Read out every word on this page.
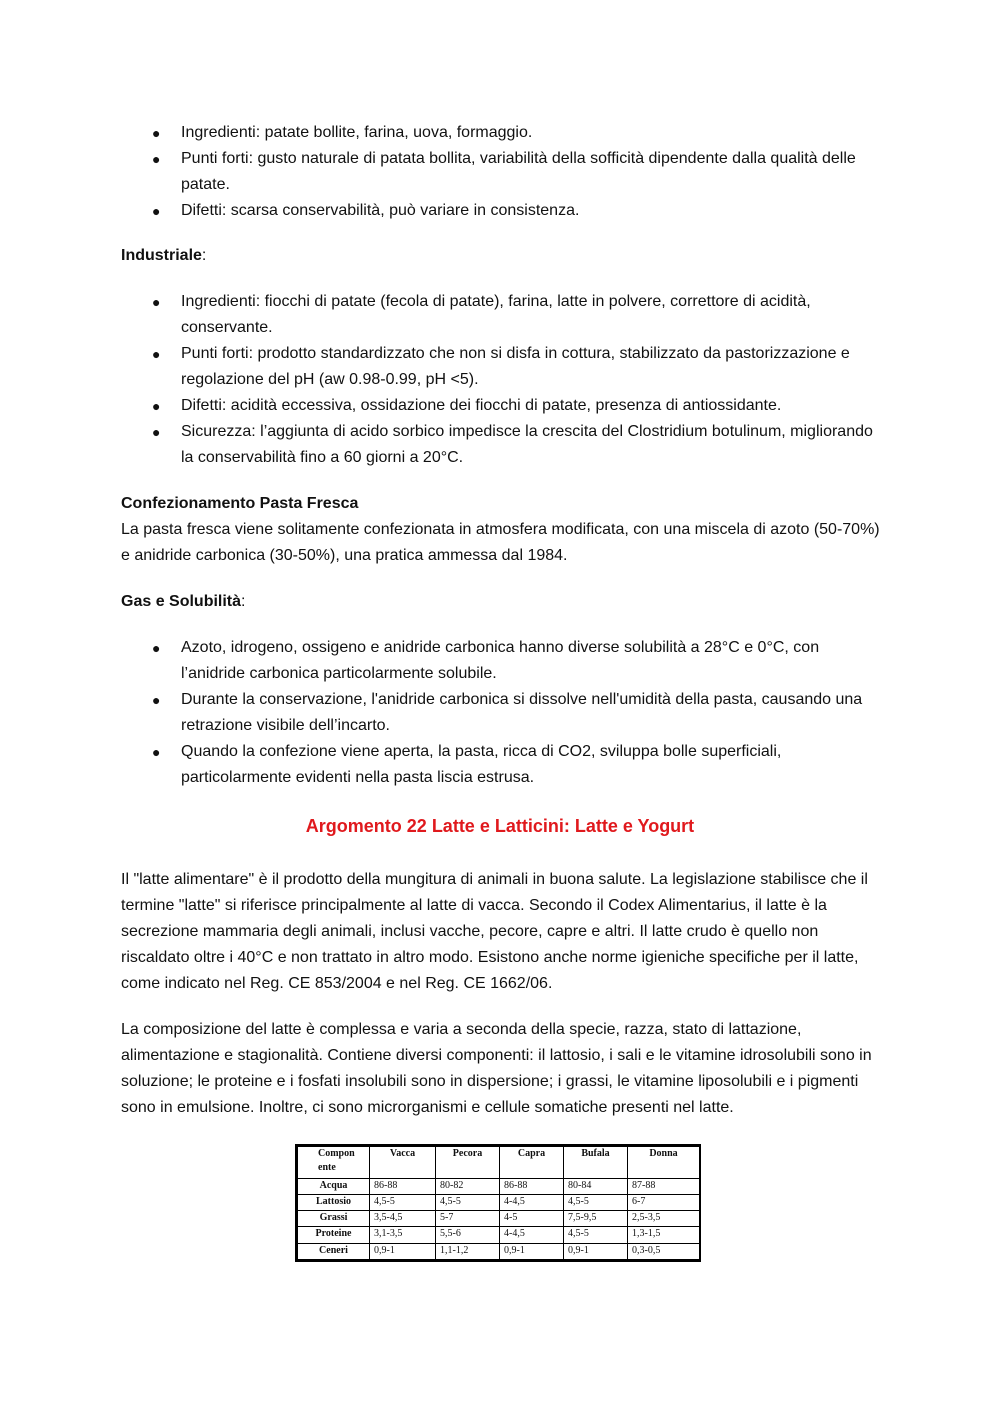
● Ingredienti: patate bollite, farina, uova, formaggio.
● Punti forti: gusto naturale di patata bollita, variabilità della sofficità dipendente dalla qualità delle patate.
● Difetti: scarsa conservabilità, può variare in consistenza.
Industriale:
● Ingredienti: fiocchi di patate (fecola di patate), farina, latte in polvere, correttore di acidità, conservante.
● Punti forti: prodotto standardizzato che non si disfa in cottura, stabilizzato da pastorizzazione e regolazione del pH (aw 0.98-0.99, pH <5).
● Difetti: acidità eccessiva, ossidazione dei fiocchi di patate, presenza di antiossidante.
● Sicurezza: l’aggiunta di acido sorbico impedisce la crescita del Clostridium botulinum, migliorando la conservabilità fino a 60 giorni a 20°C.
Confezionamento Pasta Fresca
La pasta fresca viene solitamente confezionata in atmosfera modificata, con una miscela di azoto (50-70%) e anidride carbonica (30-50%), una pratica ammessa dal 1984.
Gas e Solubilità:
● Azoto, idrogeno, ossigeno e anidride carbonica hanno diverse solubilità a 28°C e 0°C, con l’anidride carbonica particolarmente solubile.
● Durante la conservazione, l'anidride carbonica si dissolve nell'umidità della pasta, causando una retrazione visibile dell’incarto.
● Quando la confezione viene aperta, la pasta, ricca di CO2, sviluppa bolle superficiali, particolarmente evidenti nella pasta liscia estrusa.
Argomento 22 Latte e Latticini: Latte e Yogurt
Il "latte alimentare" è il prodotto della mungitura di animali in buona salute. La legislazione stabilisce che il termine "latte" si riferisce principalmente al latte di vacca. Secondo il Codex Alimentarius, il latte è la secrezione mammaria degli animali, inclusi vacche, pecore, capre e altri. Il latte crudo è quello non riscaldato oltre i 40°C e non trattato in altro modo. Esistono anche norme igieniche specifiche per il latte, come indicato nel Reg. CE 853/2004 e nel Reg. CE 1662/06.
La composizione del latte è complessa e varia a seconda della specie, razza, stato di lattazione, alimentazione e stagionalità. Contiene diversi componenti: il lattosio, i sali e le vitamine idrosolubili sono in soluzione; le proteine e i fosfati insolubili sono in dispersione; i grassi, le vitamine liposolubili e i pigmenti sono in emulsione. Inoltre, ci sono microrganismi e cellule somatiche presenti nel latte.
Compon ente	Vacca	Pecora	Capra	Bufala	Donna
Acqua	86-88	80-82	86-88	80-84	87-88
Lattosio	4,5-5	4,5-5	4-4,5	4,5-5	6-7
Grassi	3,5-4,5	5-7	4-5	7,5-9,5	2,5-3,5
Proteine	3,1-3,5	5,5-6	4-4,5	4,5-5	1,3-1,5
Ceneri	0,9-1	1,1-1,2	0,9-1	0,9-1	0,3-0,5
